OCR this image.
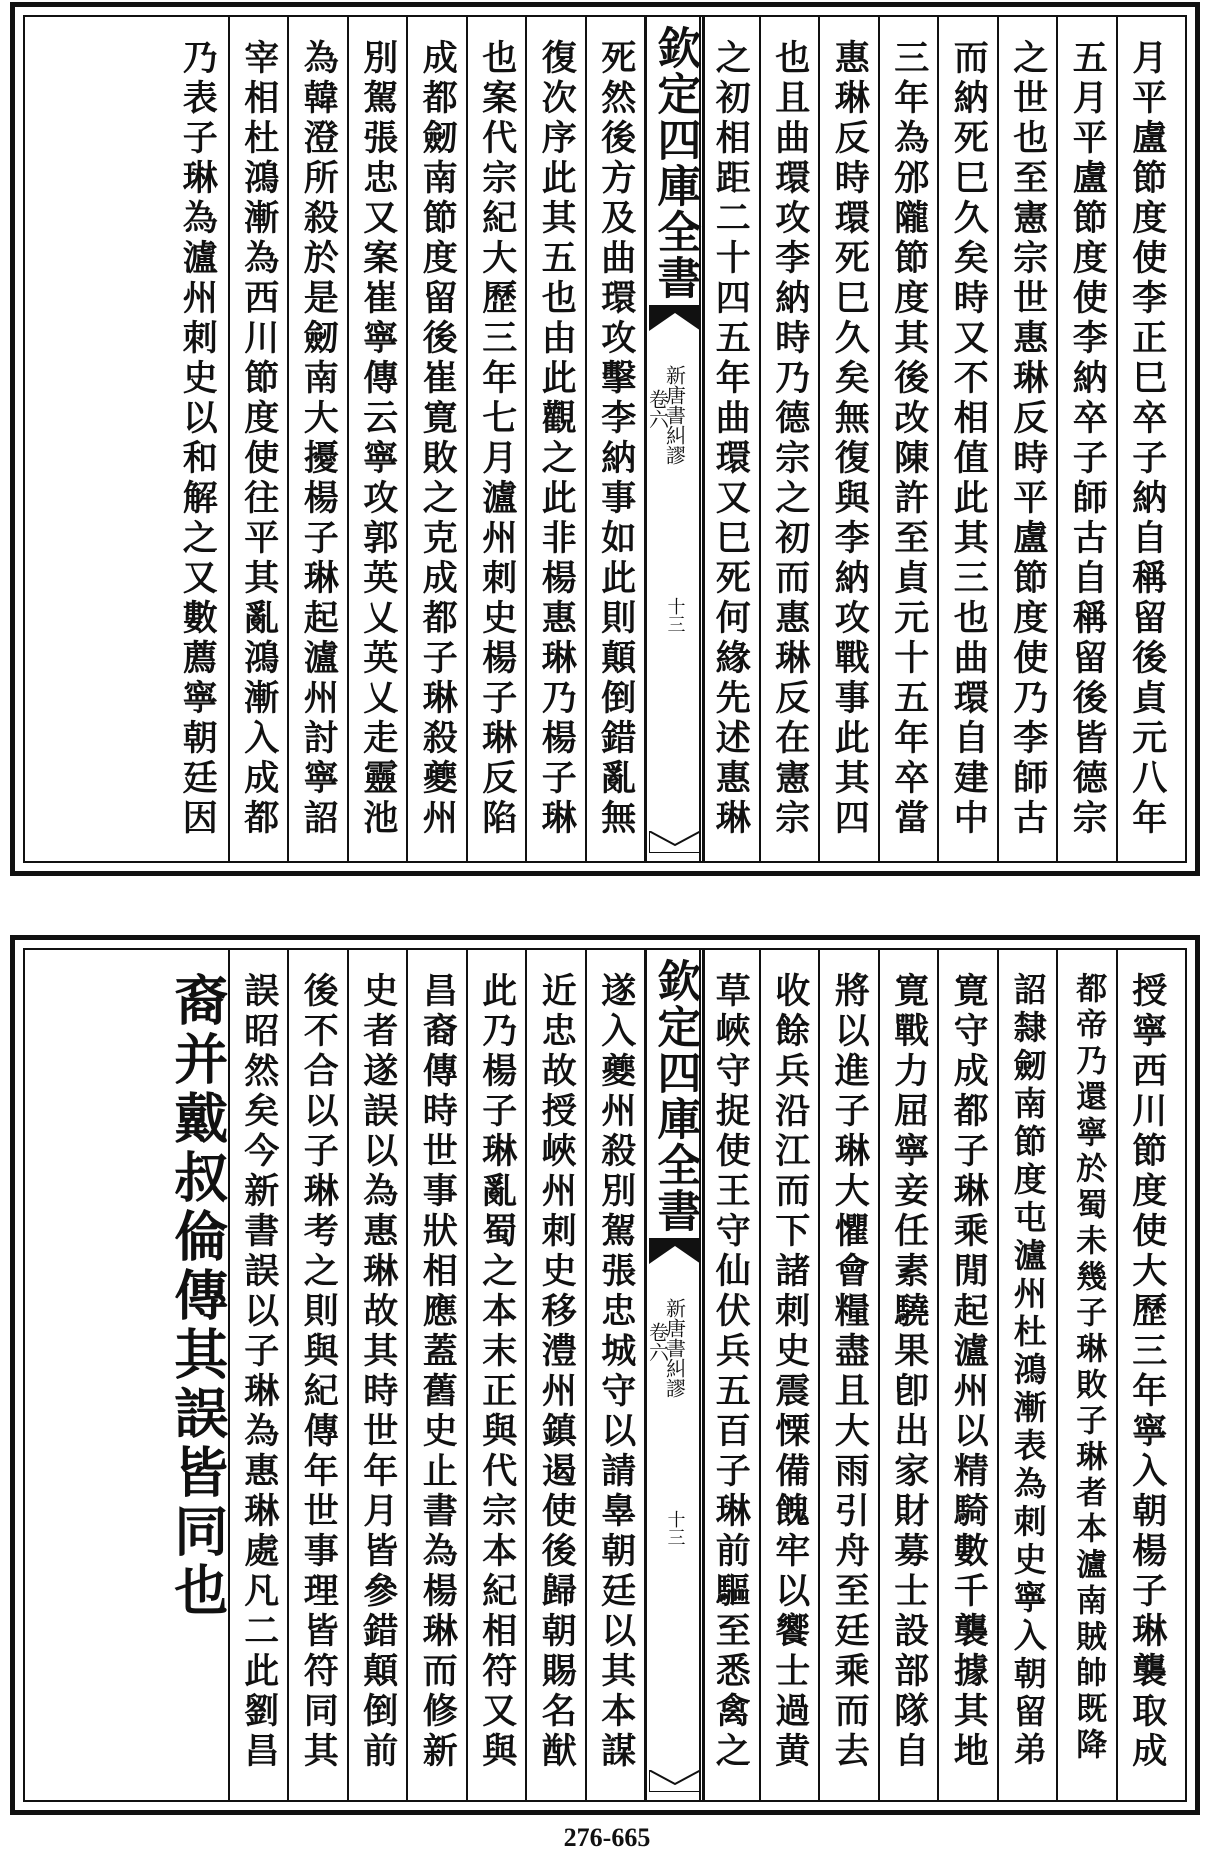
月平盧節度使李正巳卒子納自稱留後貞元八年
五月平盧節度使李納卒子師古自稱留後皆德宗
之世也至憲宗世惠琳反時平盧節度使乃李師古
而納死巳久矣時又不相值此其三也曲環自建中
三年為邠隴節度其後改陳許至貞元十五年卒當
惠琳反時環死巳久矣無復與李納攻戰事此其四
也且曲環攻李納時乃德宗之初而惠琳反在憲宗
之初相距二十四五年曲環又巳死何緣先述惠琳
欽定四庫全書
新唐書糾謬
卷六
十三
死然後方及曲環攻擊李納事如此則顛倒錯亂無
復次序此其五也由此觀之此非楊惠琳乃楊子琳
也案代宗紀大歷三年七月瀘州刺史楊子琳反陷
成都劒南節度留後崔寛敗之克成都子琳殺夔州
別駕張忠又案崔寧傳云寧攻郭英乂英乂走靈池
為韓澄所殺於是劒南大擾楊子琳起瀘州討寧詔
宰相杜鴻漸為西川節度使往平其亂鴻漸入成都
乃表子琳為瀘州刺史以和解之又數薦寧朝廷因
授寧西川節度使大歷三年寧入朝楊子琳襲取成
都帝乃還寧於蜀未幾子琳敗子琳者本瀘南賊帥既降
詔隸劒南節度屯瀘州杜鴻漸表為刺史寧入朝留弟
寛守成都子琳乘閒起瀘州以精騎數千襲據其地
寛戰力屈寧妾任素驍果卽出家財募士設部隊自
將以進子琳大懼會糧盡且大雨引舟至廷乘而去
收餘兵沿江而下諸刺史震慄備餽牢以饗士過黄
草峽守捉使王守仙伏兵五百子琳前驅至悉禽之
欽定四庫全書
新唐書糾謬
卷六
十三
遂入夔州殺別駕張忠城守以請辠朝廷以其本謀
近忠故授峽州刺史移澧州鎮遏使後歸朝賜名猷
此乃楊子琳亂蜀之本末正與代宗本紀相符又與
昌裔傳時世事狀相應蓋舊史止書為楊琳而修新
史者遂誤以為惠琳故其時世年月皆參錯顛倒前
後不合以子琳考之則與紀傳年世事理皆符同其
誤昭然矣今新書誤以子琳為惠琳處凡二此劉昌
裔并戴叔倫傳其誤皆同也
276-665
